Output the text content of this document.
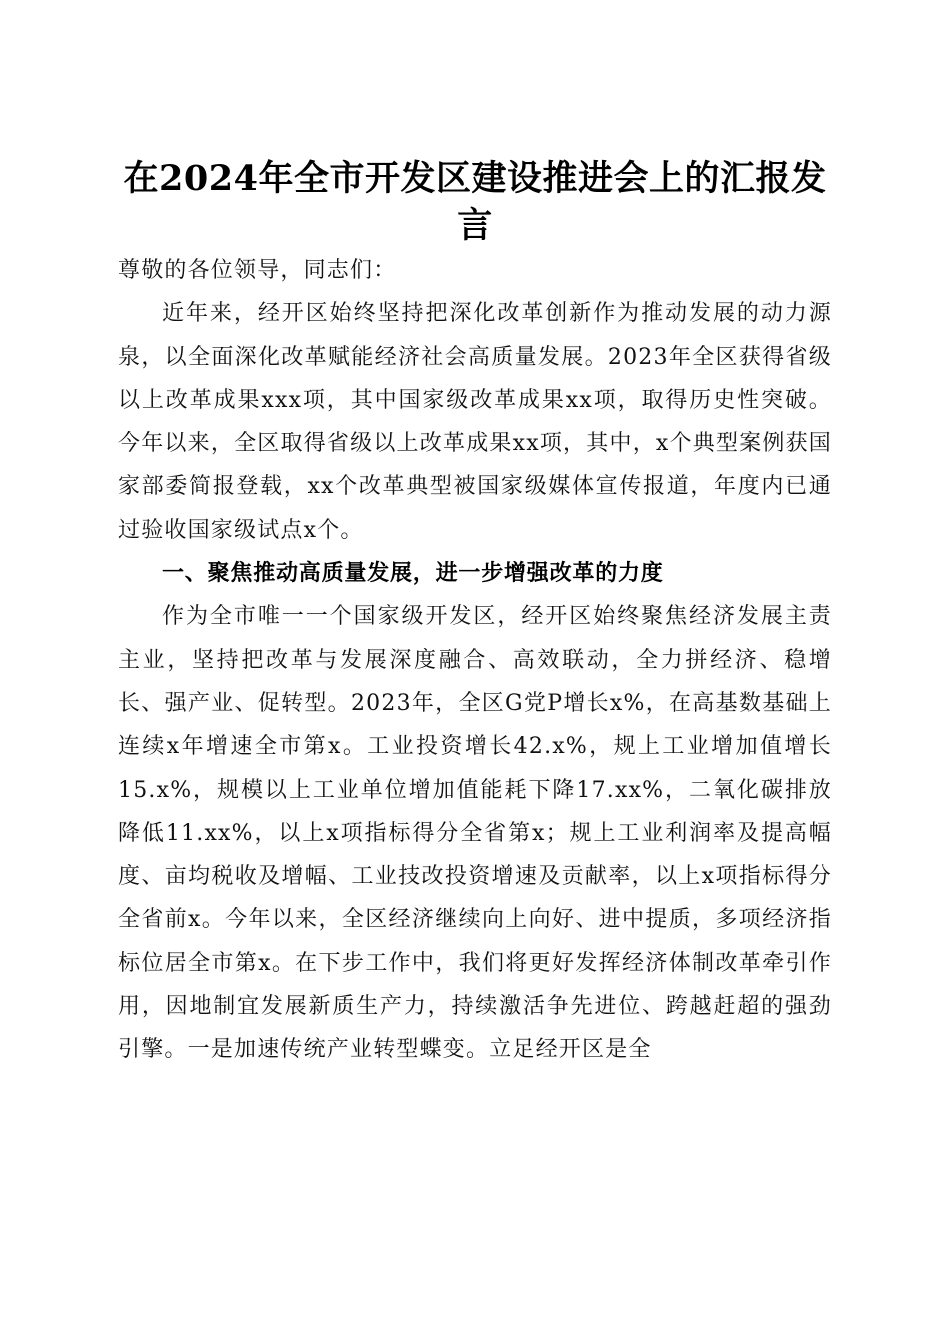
在2024年全市开发区建设推进会上的汇报发言

尊敬的各位领导，同志们：

近年来，经开区始终坚持把深化改革创新作为推动发展的动力源泉，以全面深化改革赋能经济社会高质量发展。2023年全区获得省级以上改革成果xxx项，其中国家级改革成果xx项，取得历史性突破。今年以来，全区取得省级以上改革成果xx项，其中，x个典型案例获国家部委简报登载，xx个改革典型被国家级媒体宣传报道，年度内已通过验收国家级试点x个。

一、聚焦推动高质量发展，进一步增强改革的力度

作为全市唯一一个国家级开发区，经开区始终聚焦经济发展主责主业，坚持把改革与发展深度融合、高效联动，全力拼经济、稳增长、强产业、促转型。2023年，全区G党P增长x%，在高基数基础上连续x年增速全市第x。工业投资增长42.x%，规上工业增加值增长15.x%，规模以上工业单位增加值能耗下降17.xx%，二氧化碳排放降低11.xx%，以上x项指标得分全省第x；规上工业利润率及提高幅度、亩均税收及增幅、工业技改投资增速及贡献率，以上x项指标得分全省前x。今年以来，全区经济继续向上向好、进中提质，多项经济指标位居全市第x。在下步工作中，我们将更好发挥经济体制改革牵引作用，因地制宜发展新质生产力，持续激活争先进位、跨越赶超的强劲引擎。一是加速传统产业转型蝶变。立足经开区是全
